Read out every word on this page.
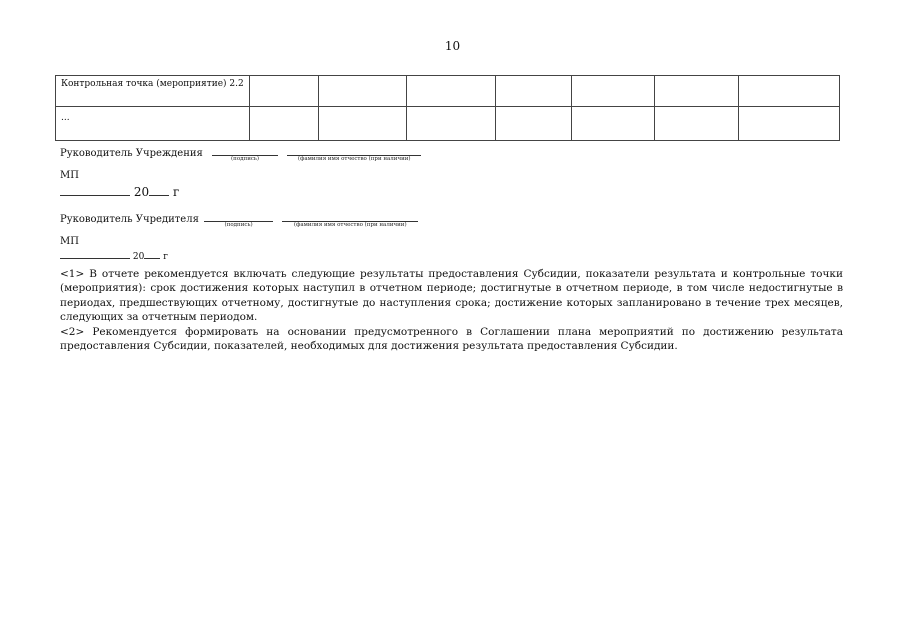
10
Контрольная точка (мероприятие) 2.2							
...							
Руководитель Учреждения	(подпись)
	(фамилия имя отчество (при наличии)
МП
20 г
Руководитель Учредителя	(подпись)
	(фамилия имя отчество (при наличии)
МП
20 г

<1> В отчете рекомендуется включать следующие результаты предоставления Субсидии, показатели результата и контрольные точки (мероприятия): срок достижения которых наступил в отчетном периоде; достигнутые в отчетном периоде, в том числе недостигнутые в периодах, предшествующих отчетному, достигнутые до наступления срока; достижение которых запланировано в течение трех месяцев, следующих за отчетным периодом.

<2> Рекомендуется формировать на основании предусмотренного в Соглашении плана мероприятий по достижению результата предоставления Субсидии, показателей, необходимых для достижения результата предоставления Субсидии.
